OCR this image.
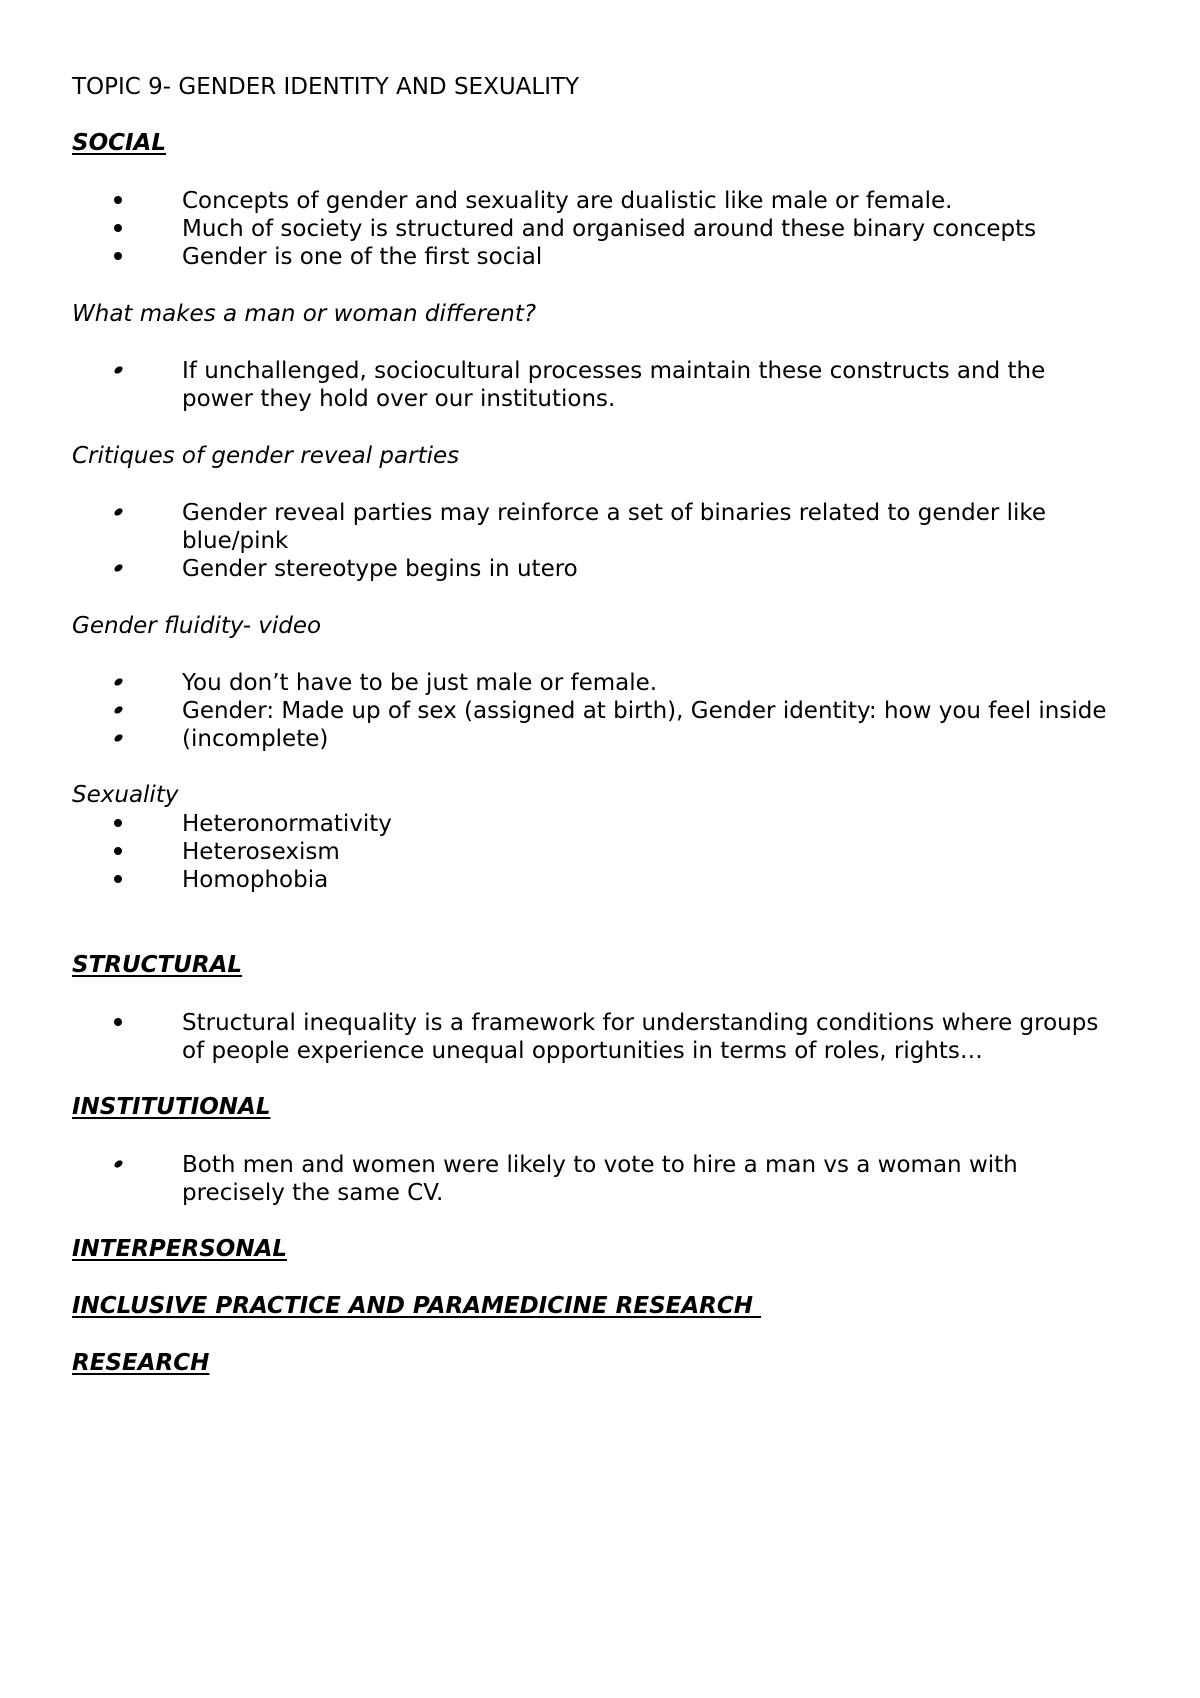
TOPIC 9- GENDER IDENTITY AND SEXUALITY
SOCIAL
Concepts of gender and sexuality are dualistic like male or female.
Much of society is structured and organised around these binary concepts
Gender is one of the first social
What makes a man or woman different?
If unchallenged, sociocultural processes maintain these constructs and the
power they hold over our institutions.
Critiques of gender reveal parties
Gender reveal parties may reinforce a set of binaries related to gender like
blue/pink
Gender stereotype begins in utero
Gender fluidity- video
You don’t have to be just male or female.
Gender: Made up of sex (assigned at birth), Gender identity: how you feel inside
(incomplete)
Sexuality
Heteronormativity
Heterosexism
Homophobia
STRUCTURAL
Structural inequality is a framework for understanding conditions where groups
of people experience unequal opportunities in terms of roles, rights…
INSTITUTIONAL
Both men and women were likely to vote to hire a man vs a woman with
precisely the same CV.
INTERPERSONAL
INCLUSIVE PRACTICE AND PARAMEDICINE RESEARCH
RESEARCH
